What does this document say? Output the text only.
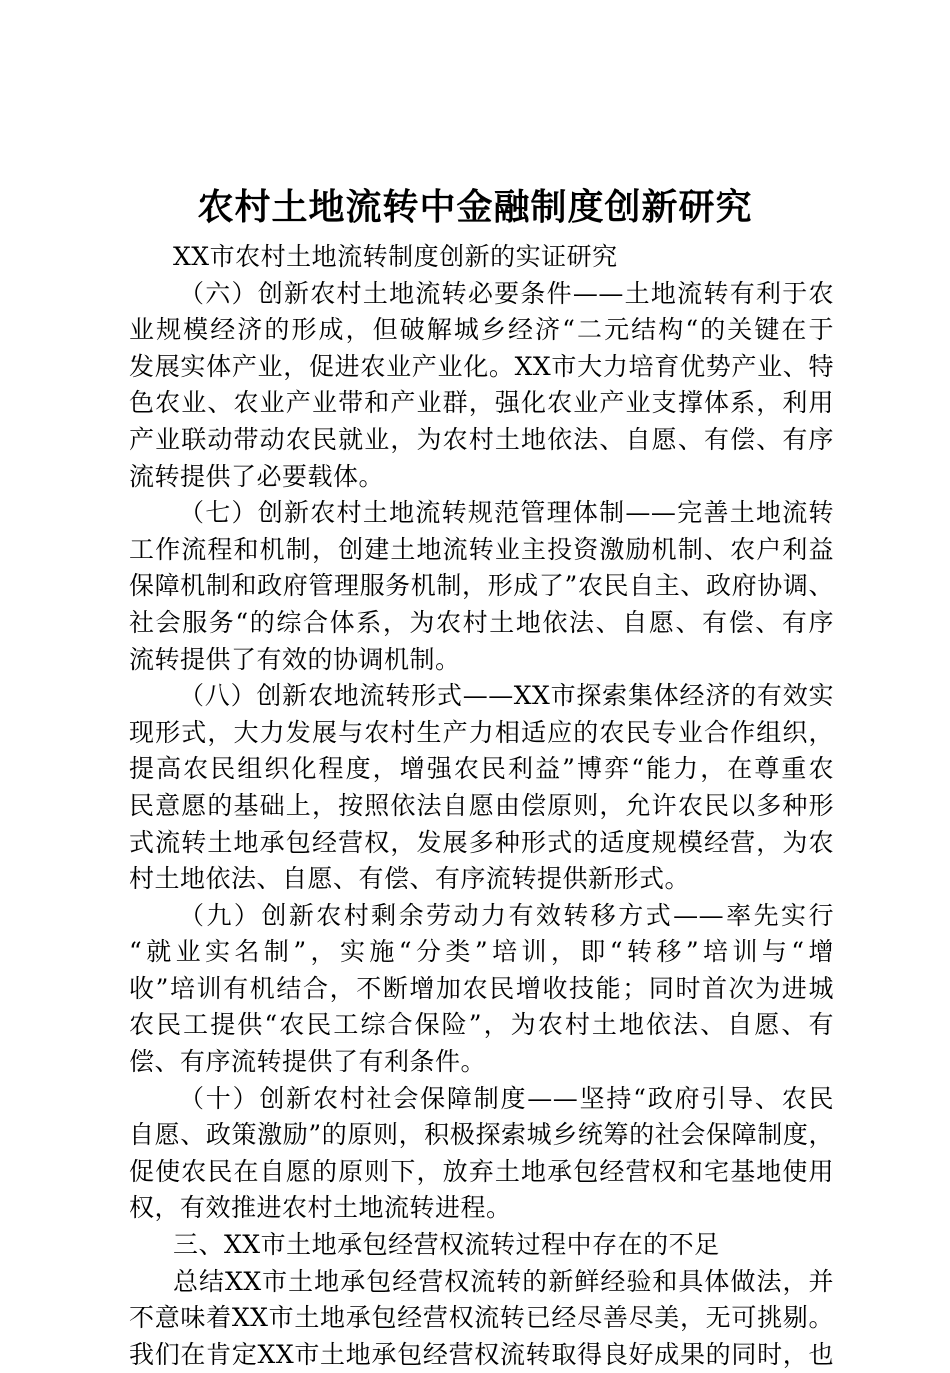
农村土地流转中金融制度创新研究
XX市农村土地流转制度创新的实证研究
（六）创新农村土地流转必要条件——土地流转有利于农
业规模经济的形成，但破解城乡经济“二元结构“的关键在于
发展实体产业，促进农业产业化。XX市大力培育优势产业、特
色农业、农业产业带和产业群，强化农业产业支撑体系，利用
产业联动带动农民就业，为农村土地依法、自愿、有偿、有序
流转提供了必要载体。
（七）创新农村土地流转规范管理体制——完善土地流转
工作流程和机制，创建土地流转业主投资激励机制、农户利益
保障机制和政府管理服务机制，形成了”农民自主、政府协调、
社会服务“的综合体系，为农村土地依法、自愿、有偿、有序
流转提供了有效的协调机制。
（八）创新农地流转形式——XX市探索集体经济的有效实
现形式，大力发展与农村生产力相适应的农民专业合作组织，
提高农民组织化程度，增强农民利益”博弈“能力，在尊重农
民意愿的基础上，按照依法自愿由偿原则，允许农民以多种形
式流转土地承包经营权，发展多种形式的适度规模经营，为农
村土地依法、自愿、有偿、有序流转提供新形式。
（九）创新农村剩余劳动力有效转移方式——率先实行
“就业实名制”，实施“分类”培训，即“转移”培训与“增
收”培训有机结合，不断增加农民增收技能；同时首次为进城
农民工提供“农民工综合保险”，为农村土地依法、自愿、有
偿、有序流转提供了有利条件。
（十）创新农村社会保障制度——坚持“政府引导、农民
自愿、政策激励”的原则，积极探索城乡统筹的社会保障制度，
促使农民在自愿的原则下，放弃土地承包经营权和宅基地使用
权，有效推进农村土地流转进程。
三、XX市土地承包经营权流转过程中存在的不足
总结XX市土地承包经营权流转的新鲜经验和具体做法，并
不意味着XX市土地承包经营权流转已经尽善尽美，无可挑剔。
我们在肯定XX市土地承包经营权流转取得良好成果的同时，也
